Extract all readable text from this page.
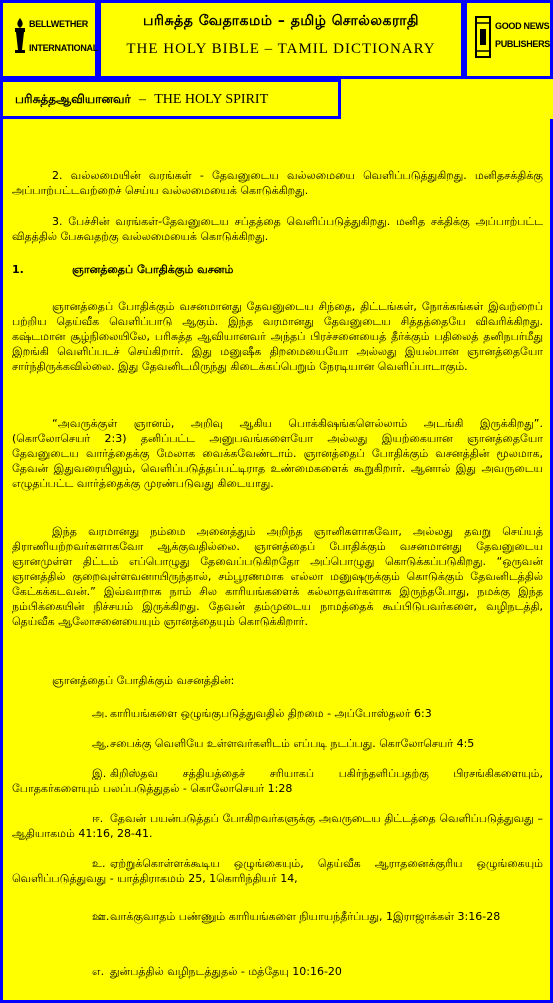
BELLWETHER
INTERNATIONAL
பரிசுத்த வேதாகமம் – தமிழ் சொல்லகராதி
THE HOLY BIBLE – TAMIL DICTIONARY
GOOD NEWS
PUBLISHERS
பரிசுத்தஆவியானவர் – THE HOLY SPIRIT

2. வல்லமையின் வரங்கள் - தேவனுடைய வல்லமையை வெளிப்படுத்துகிறது. மனிதசக்திக்கு அப்பாற்பட்டவற்றைச் செய்ய வல்லமையைக் கொடுக்கிறது.

3. பேச்சின் வரங்கள்-தேவனுடைய சப்தத்தை வெளிப்படுத்துகிறது. மனித சக்திக்கு அப்பாற்பட்ட விதத்தில் பேசுவதற்கு வல்லமையைக் கொடுக்கிறது.

1.	ஞானத்தைப் போதிக்கும் வசனம்

ஞானத்தைப் போதிக்கும் வசனமானது தேவனுடைய சிந்தை, திட்டங்கள், நோக்கங்கள் இவற்றைப் பற்றிய தெய்வீக வெளிப்பாடு ஆகும். இந்த வரமானது தேவனுடைய சித்தத்தையே விவரிக்கிறது. கஷ்டமான சூழ்நிலையிலே, பரிசுத்த ஆவியானவர் அந்தப் பிரச்சனையைத் தீர்க்கும் பதிலைத் தனிநபர்மீது இறங்கி வெளிப்படச் செய்கிறார். இது மனுஷீக திறமையையோ அல்லது இயல்பான ஞானத்தையோ சார்ந்திருக்கவில்லை. இது தேவனிடமிருந்து கிடைக்கப்பெறும் நேரடியான வெளிப்பாடாகும்.

“அவருக்குள் ஞானம், அறிவு ஆகிய பொக்கிஷங்களெல்லாம் அடங்கி இருக்கிறது”. (கொலோசெயர் 2:3) தனிப்பட்ட அனுபவங்களையோ அல்லது இயற்கையான ஞானத்தையோ தேவனுடைய வார்த்தைக்கு மேலாக வைக்கவேண்டாம். ஞானத்தைப் போதிக்கும் வசனத்தின் மூலமாக, தேவன் இதுவரையிலும், வெளிப்படுத்தப்பட்டிராத உண்மைகளைக் கூறுகிறார். ஆனால் இது அவருடைய எழுதப்பட்ட வார்த்தைக்கு முரண்படுவது கிடையாது.

இந்த வரமானது நம்மை அனைத்தும் அறிந்த ஞானிகளாகவோ, அல்லது தவறு செய்யத் திராணியற்றவர்களாகவோ ஆக்குவதில்லை. ஞானத்தைப் போதிக்கும் வசனமானது தேவனுடைய ஞானமுள்ள திட்டம் எப்பொழுது தேவைப்படுகிறதோ அப்பொழுது கொடுக்கப்படுகிறது. “ஒருவன் ஞானத்தில் குறைவுள்ளவனாயிருந்தால், சம்பூரணமாக எல்லா மனுஷருக்கும் கொடுக்கும் தேவனிடத்தில் கேட்கக்கடவன்.” இவ்வாறாக நாம் சில காரியங்களைக் கல்லாதவர்களாக இருந்தபோது, நமக்கு இந்த நம்பிக்கையின் நிச்சயம் இருக்கிறது. தேவன் தம்முடைய நாமத்தைக் கூப்பிடுபவர்களை, வழிநடத்தி, தெய்வீக ஆலோசனையையும் ஞானத்தையும் கொடுக்கிறார்.

ஞானத்தைப் போதிக்கும் வசனத்தின்:

அ. காரியங்களை ஒழுங்குபடுத்துவதில் திறமை - அப்போஸ்தலர் 6:3

ஆ.சபைக்கு வெளியே உள்ளவர்களிடம் எப்படி நடப்பது. கொலோசெயர் 4:5

இ. கிறிஸ்தவ சத்தியத்தைச் சரியாகப் பகிர்ந்தளிப்பதற்கு பிரசங்கிகளையும், போதகர்களையும் பலப்படுத்துதல் - கொலோசெயர் 1:28

ஈ. தேவன் பயன்படுத்தப் போகிறவர்களுக்கு அவருடைய திட்டத்தை வெளிப்படுத்துவது – ஆதியாகமம் 41:16, 28-41.

உ. ஏற்றுக்கொள்ளக்கூடிய ஒழுங்கையும், தெய்வீக ஆராதனைக்குரிய ஒழுங்கையும் வெளிப்படுத்துவது - யாத்திராகமம் 25, 1கொரிந்தியர் 14,

ஊ.வாக்குவாதம் பண்ணும் காரியங்களை நியாயந்தீர்ப்பது, 1இராஜாக்கள் 3:16-28

எ. துன்பத்தில் வழிநடத்துதல் - மத்தேயு 10:16-20
